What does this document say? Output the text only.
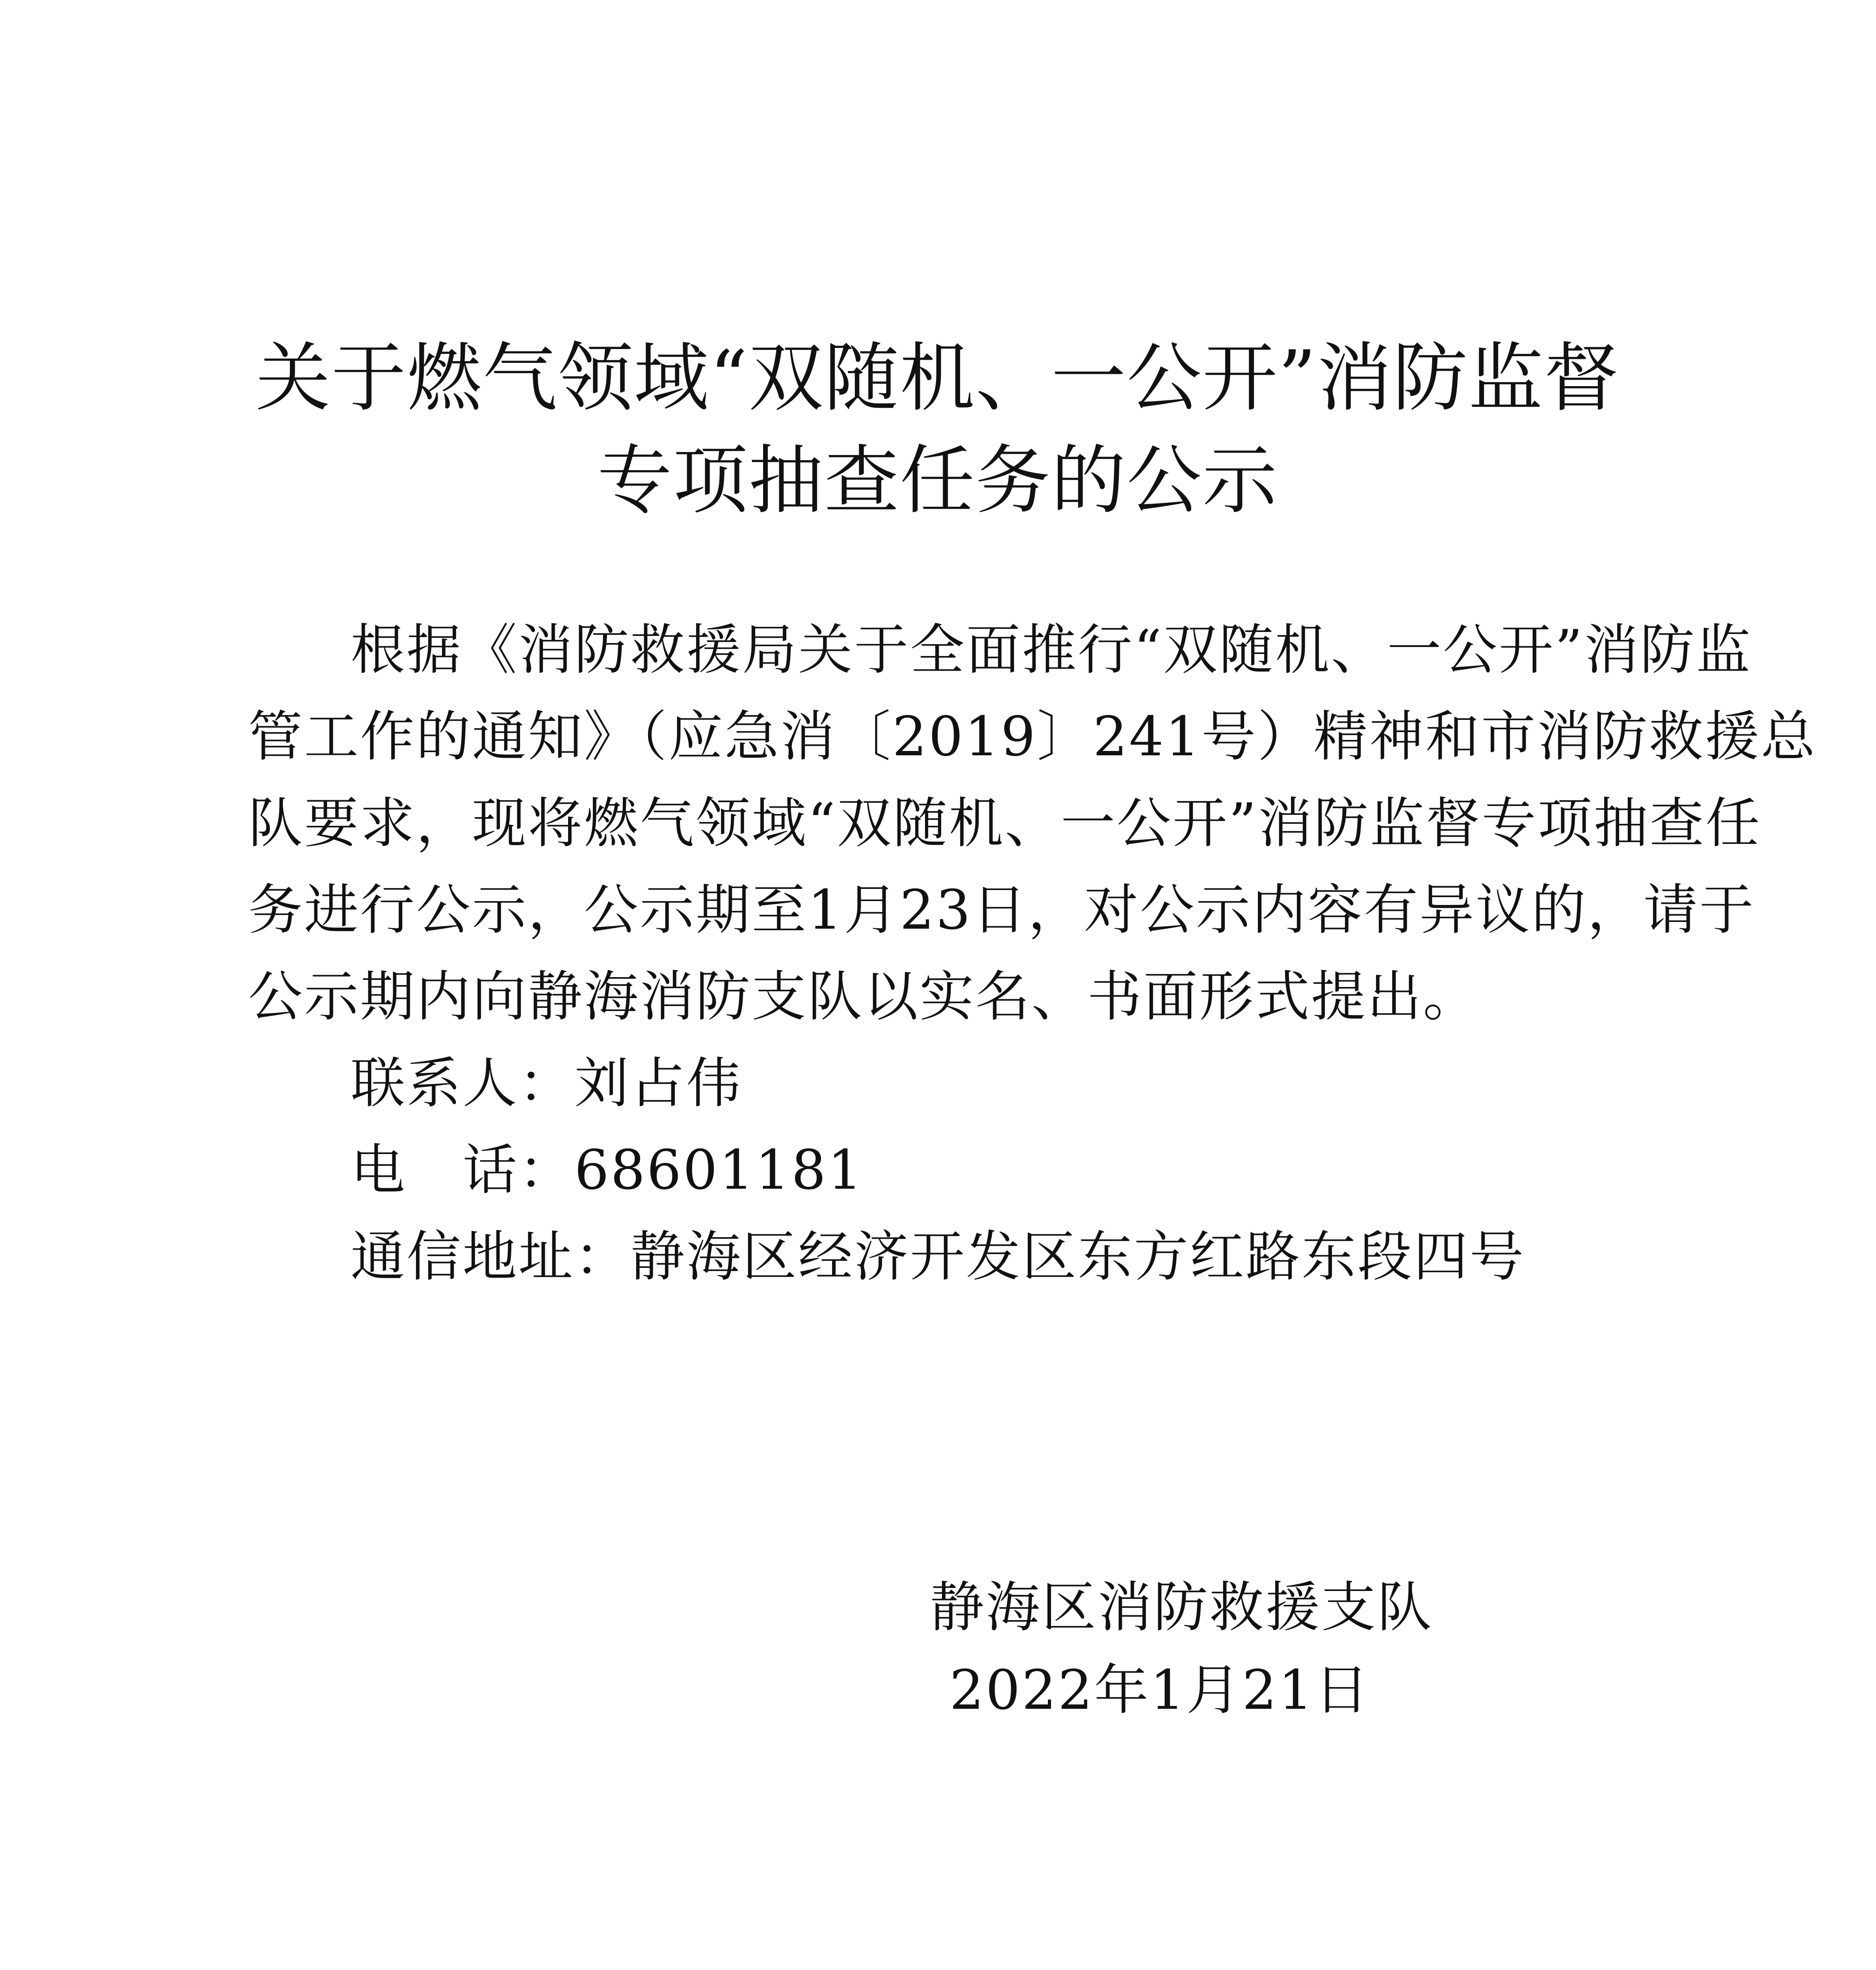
关于燃气领域“双随机、一公开”消防监督
专项抽查任务的公示
根据《消防救援局关于全面推行“双随机、一公开”消防监
管工作的通知》（应急消〔2019〕241号）精神和市消防救援总
队要求，现将燃气领域“双随机、一公开”消防监督专项抽查任
务进行公示，公示期至1月23日，对公示内容有异议的，请于
公示期内向静海消防支队以实名、书面形式提出。
联系人：刘占伟
电　话：68601181
通信地址：静海区经济开发区东方红路东段四号
静海区消防救援支队
2022年1月21日
